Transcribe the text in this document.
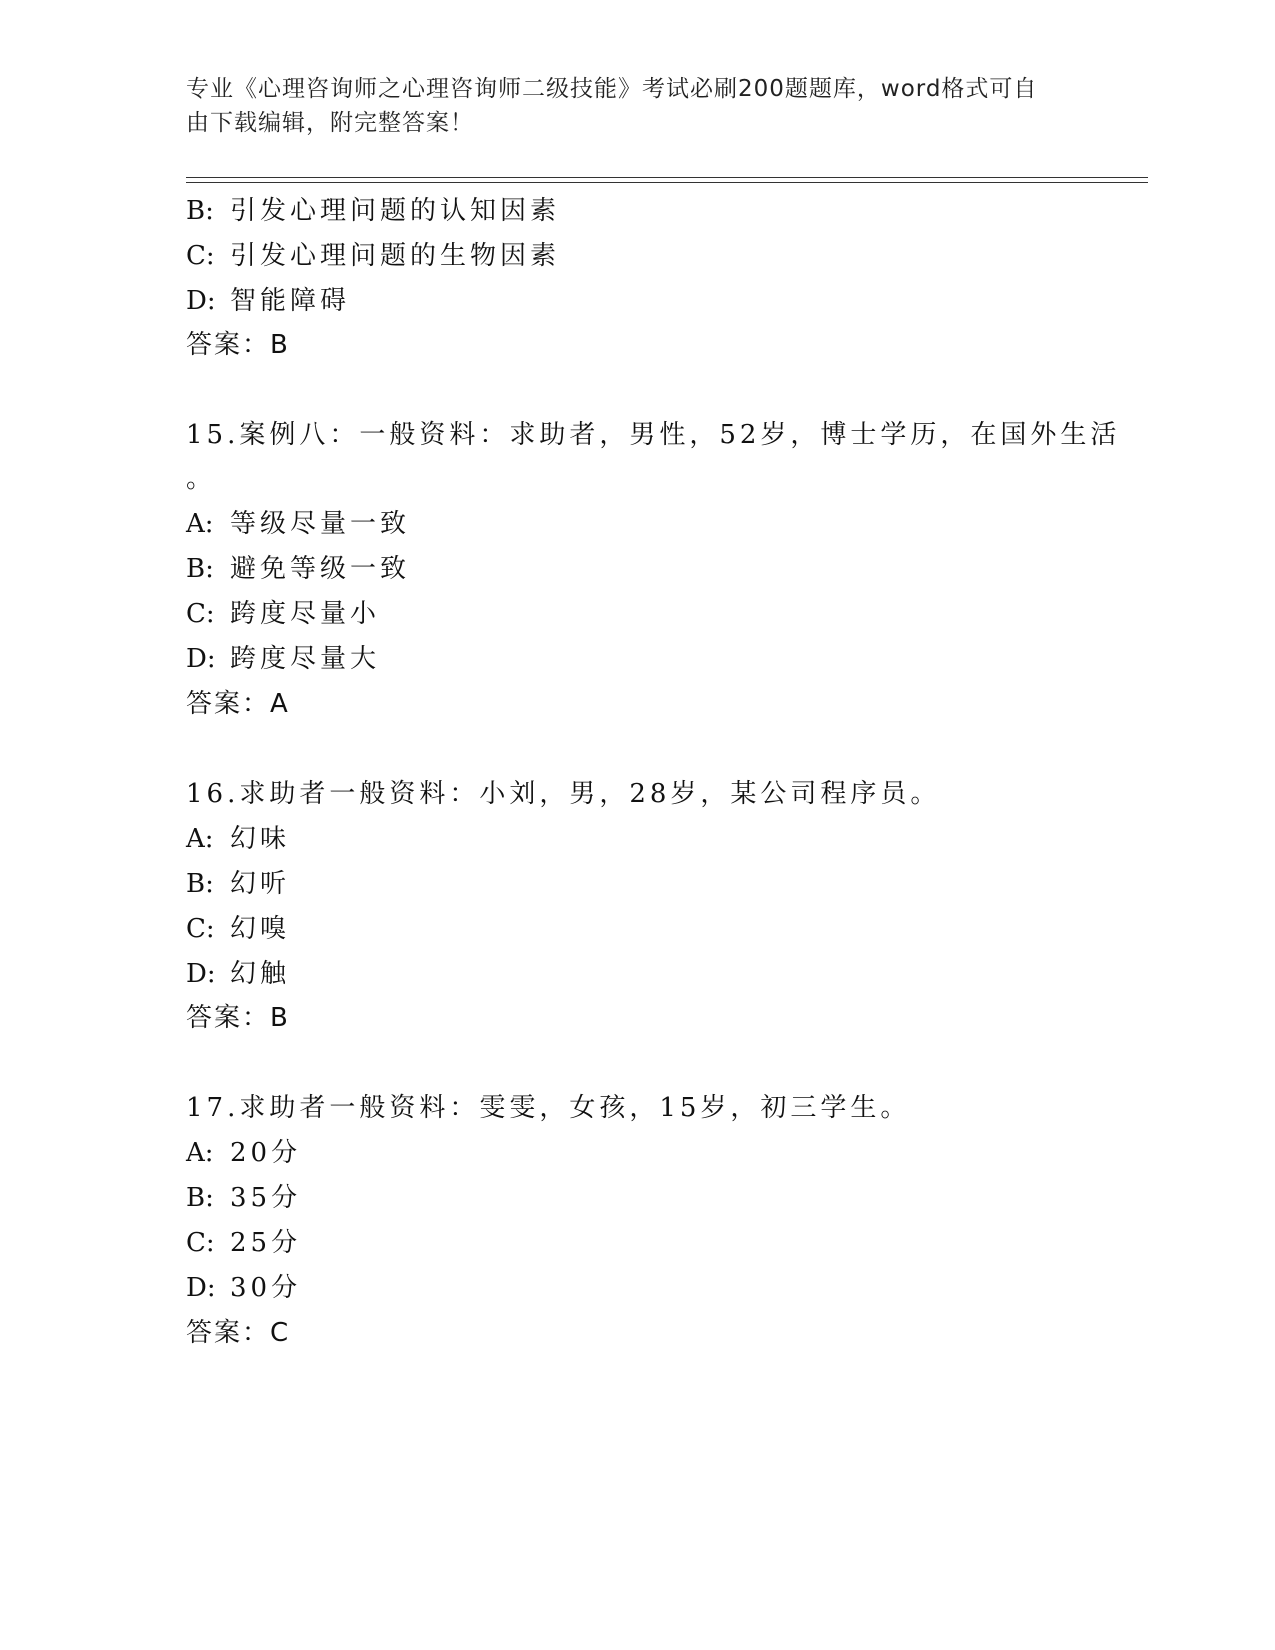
专业《心理咨询师之心理咨询师二级技能》考试必刷200题题库，word格式可自
由下载编辑，附完整答案！
B: 引发心理问题的认知因素
C: 引发心理问题的生物因素
D: 智能障碍
答案：B
15.案例八：一般资料：求助者，男性，52岁，博士学历，在国外生活
。
A: 等级尽量一致
B: 避免等级一致
C: 跨度尽量小
D: 跨度尽量大
答案：A
16.求助者一般资料：小刘，男，28岁，某公司程序员。
A: 幻味
B: 幻听
C: 幻嗅
D: 幻触
答案：B
17.求助者一般资料：雯雯，女孩，15岁，初三学生。
A: 20分
B: 35分
C: 25分
D: 30分
答案：C
